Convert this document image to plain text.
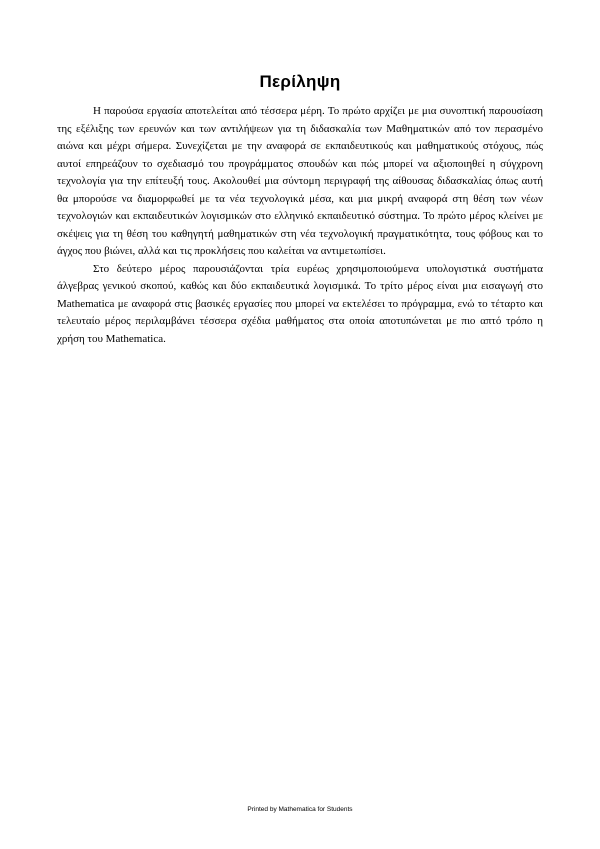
Περίληψη

Η παρούσα εργασία αποτελείται από τέσσερα μέρη. Το πρώτο αρχίζει με μια συνοπτική παρουσίαση της εξέλιξης των ερευνών και των αντιλήψεων για τη διδασκαλία των Μαθηματικών από τον περασμένο αιώνα και μέχρι σήμερα. Συνεχίζεται με την αναφορά σε εκπαιδευτικούς και μαθηματικούς στόχους, πώς αυτοί επηρεάζουν το σχεδιασμό του προγράμματος σπουδών και πώς μπορεί να αξιοποιηθεί η σύγχρονη τεχνολογία για την επίτευξή τους. Ακολουθεί μια σύντομη περιγραφή της αίθουσας διδασκαλίας όπως αυτή θα μπορούσε να διαμορφωθεί με τα νέα τεχνολογικά μέσα, και μια μικρή αναφορά στη θέση των νέων τεχνολογιών και εκπαιδευτικών λογισμικών στο ελληνικό εκπαιδευτικό σύστημα. Το πρώτο μέρος κλείνει με σκέψεις για τη θέση του καθηγητή μαθηματικών στη νέα τεχνολογική πραγματικότητα, τους φόβους και το άγχος που βιώνει, αλλά και τις προκλήσεις που καλείται να αντιμετωπίσει.

Στο δεύτερο μέρος παρουσιάζονται τρία ευρέως χρησιμοποιούμενα υπολογιστικά συστήματα άλγεβρας γενικού σκοπού, καθώς και δύο εκπαιδευτικά λογισμικά. Το τρίτο μέρος είναι μια εισαγωγή στο Mathematica με αναφορά στις βασικές εργασίες που μπορεί να εκτελέσει το πρόγραμμα, ενώ το τέταρτο και τελευταίο μέρος περιλαμβάνει τέσσερα σχέδια μαθήματος στα οποία αποτυπώνεται με πιο απτό τρόπο η χρήση του Mathematica.

Printed by Mathematica for Students
